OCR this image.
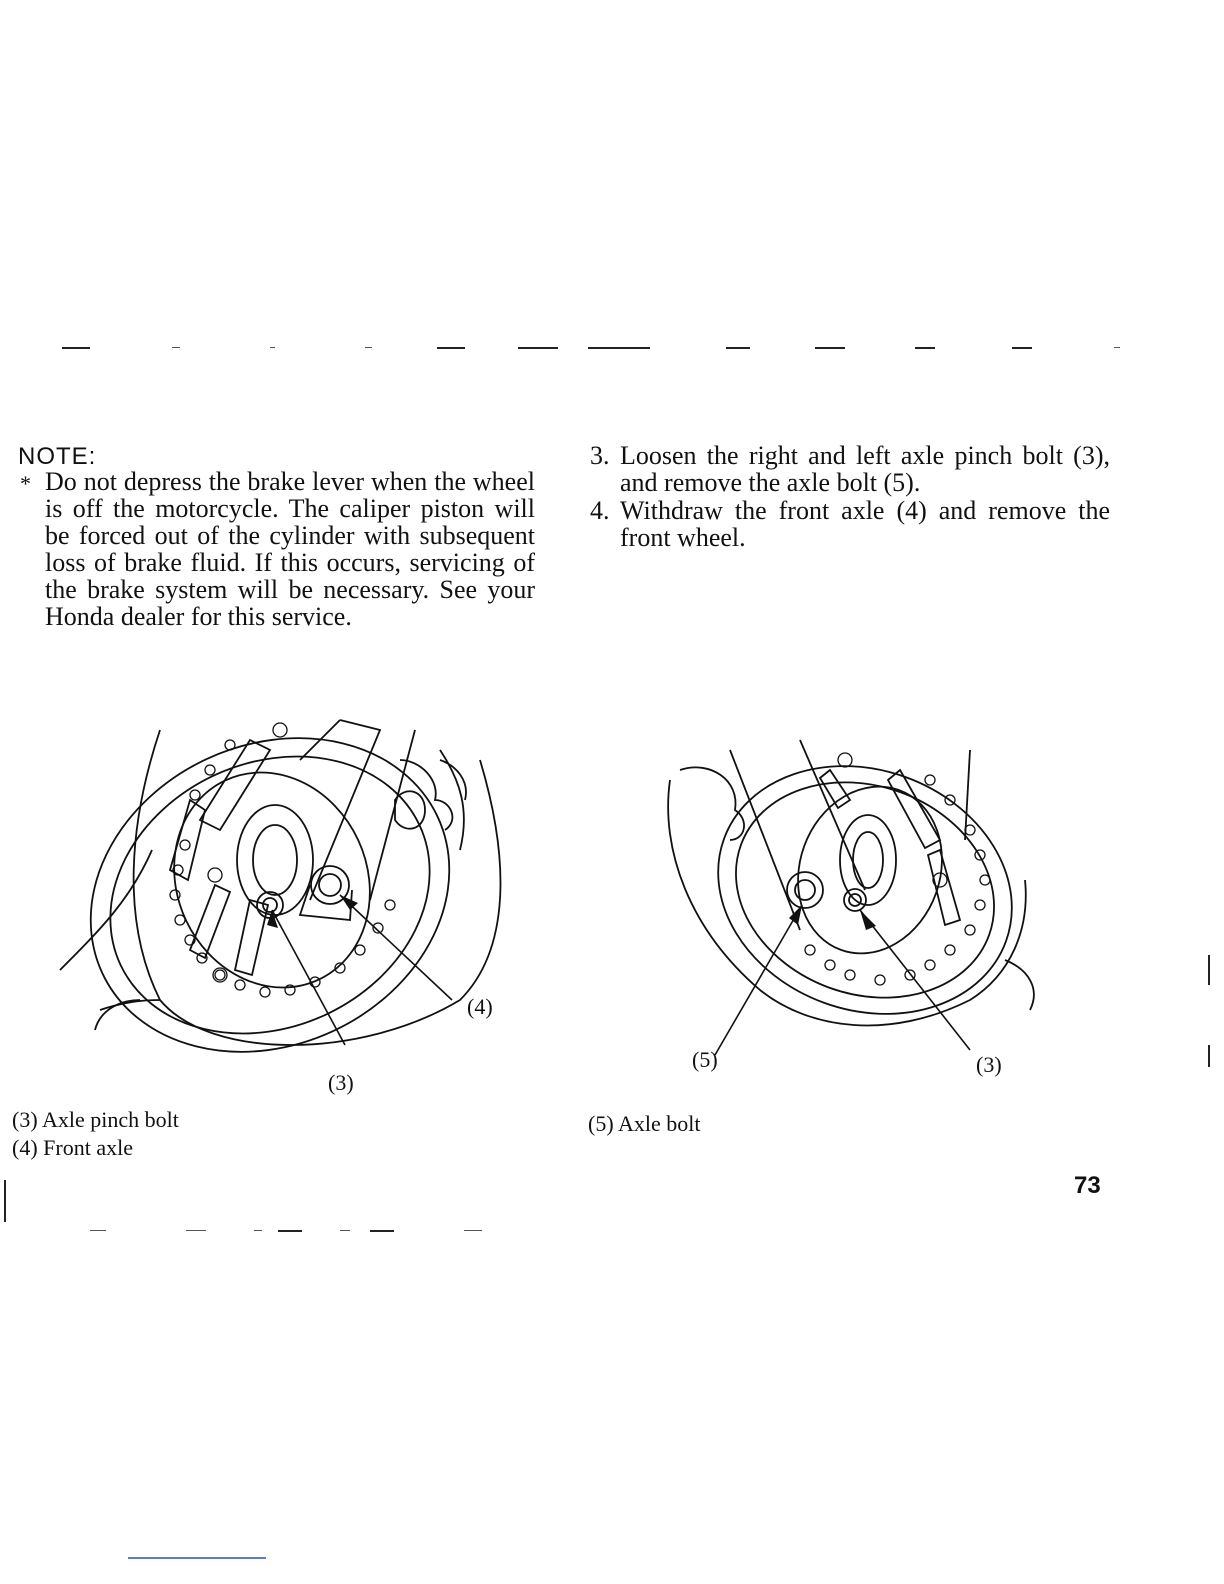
NOTE:
* Do not depress the brake lever when the wheel is off the motorcycle. The caliper piston will be forced out of the cylinder with subsequent loss of brake fluid. If this occurs, servicing of the brake system will be necessary. See your Honda dealer for this service.
3. Loosen the right and left axle pinch bolt (3), and remove the axle bolt (5).
4. Withdraw the front axle (4) and remove the front wheel.
(4)
(3)
(3) Axle pinch bolt
(4) Front axle
(5)	(3)
(5) Axle bolt
73
